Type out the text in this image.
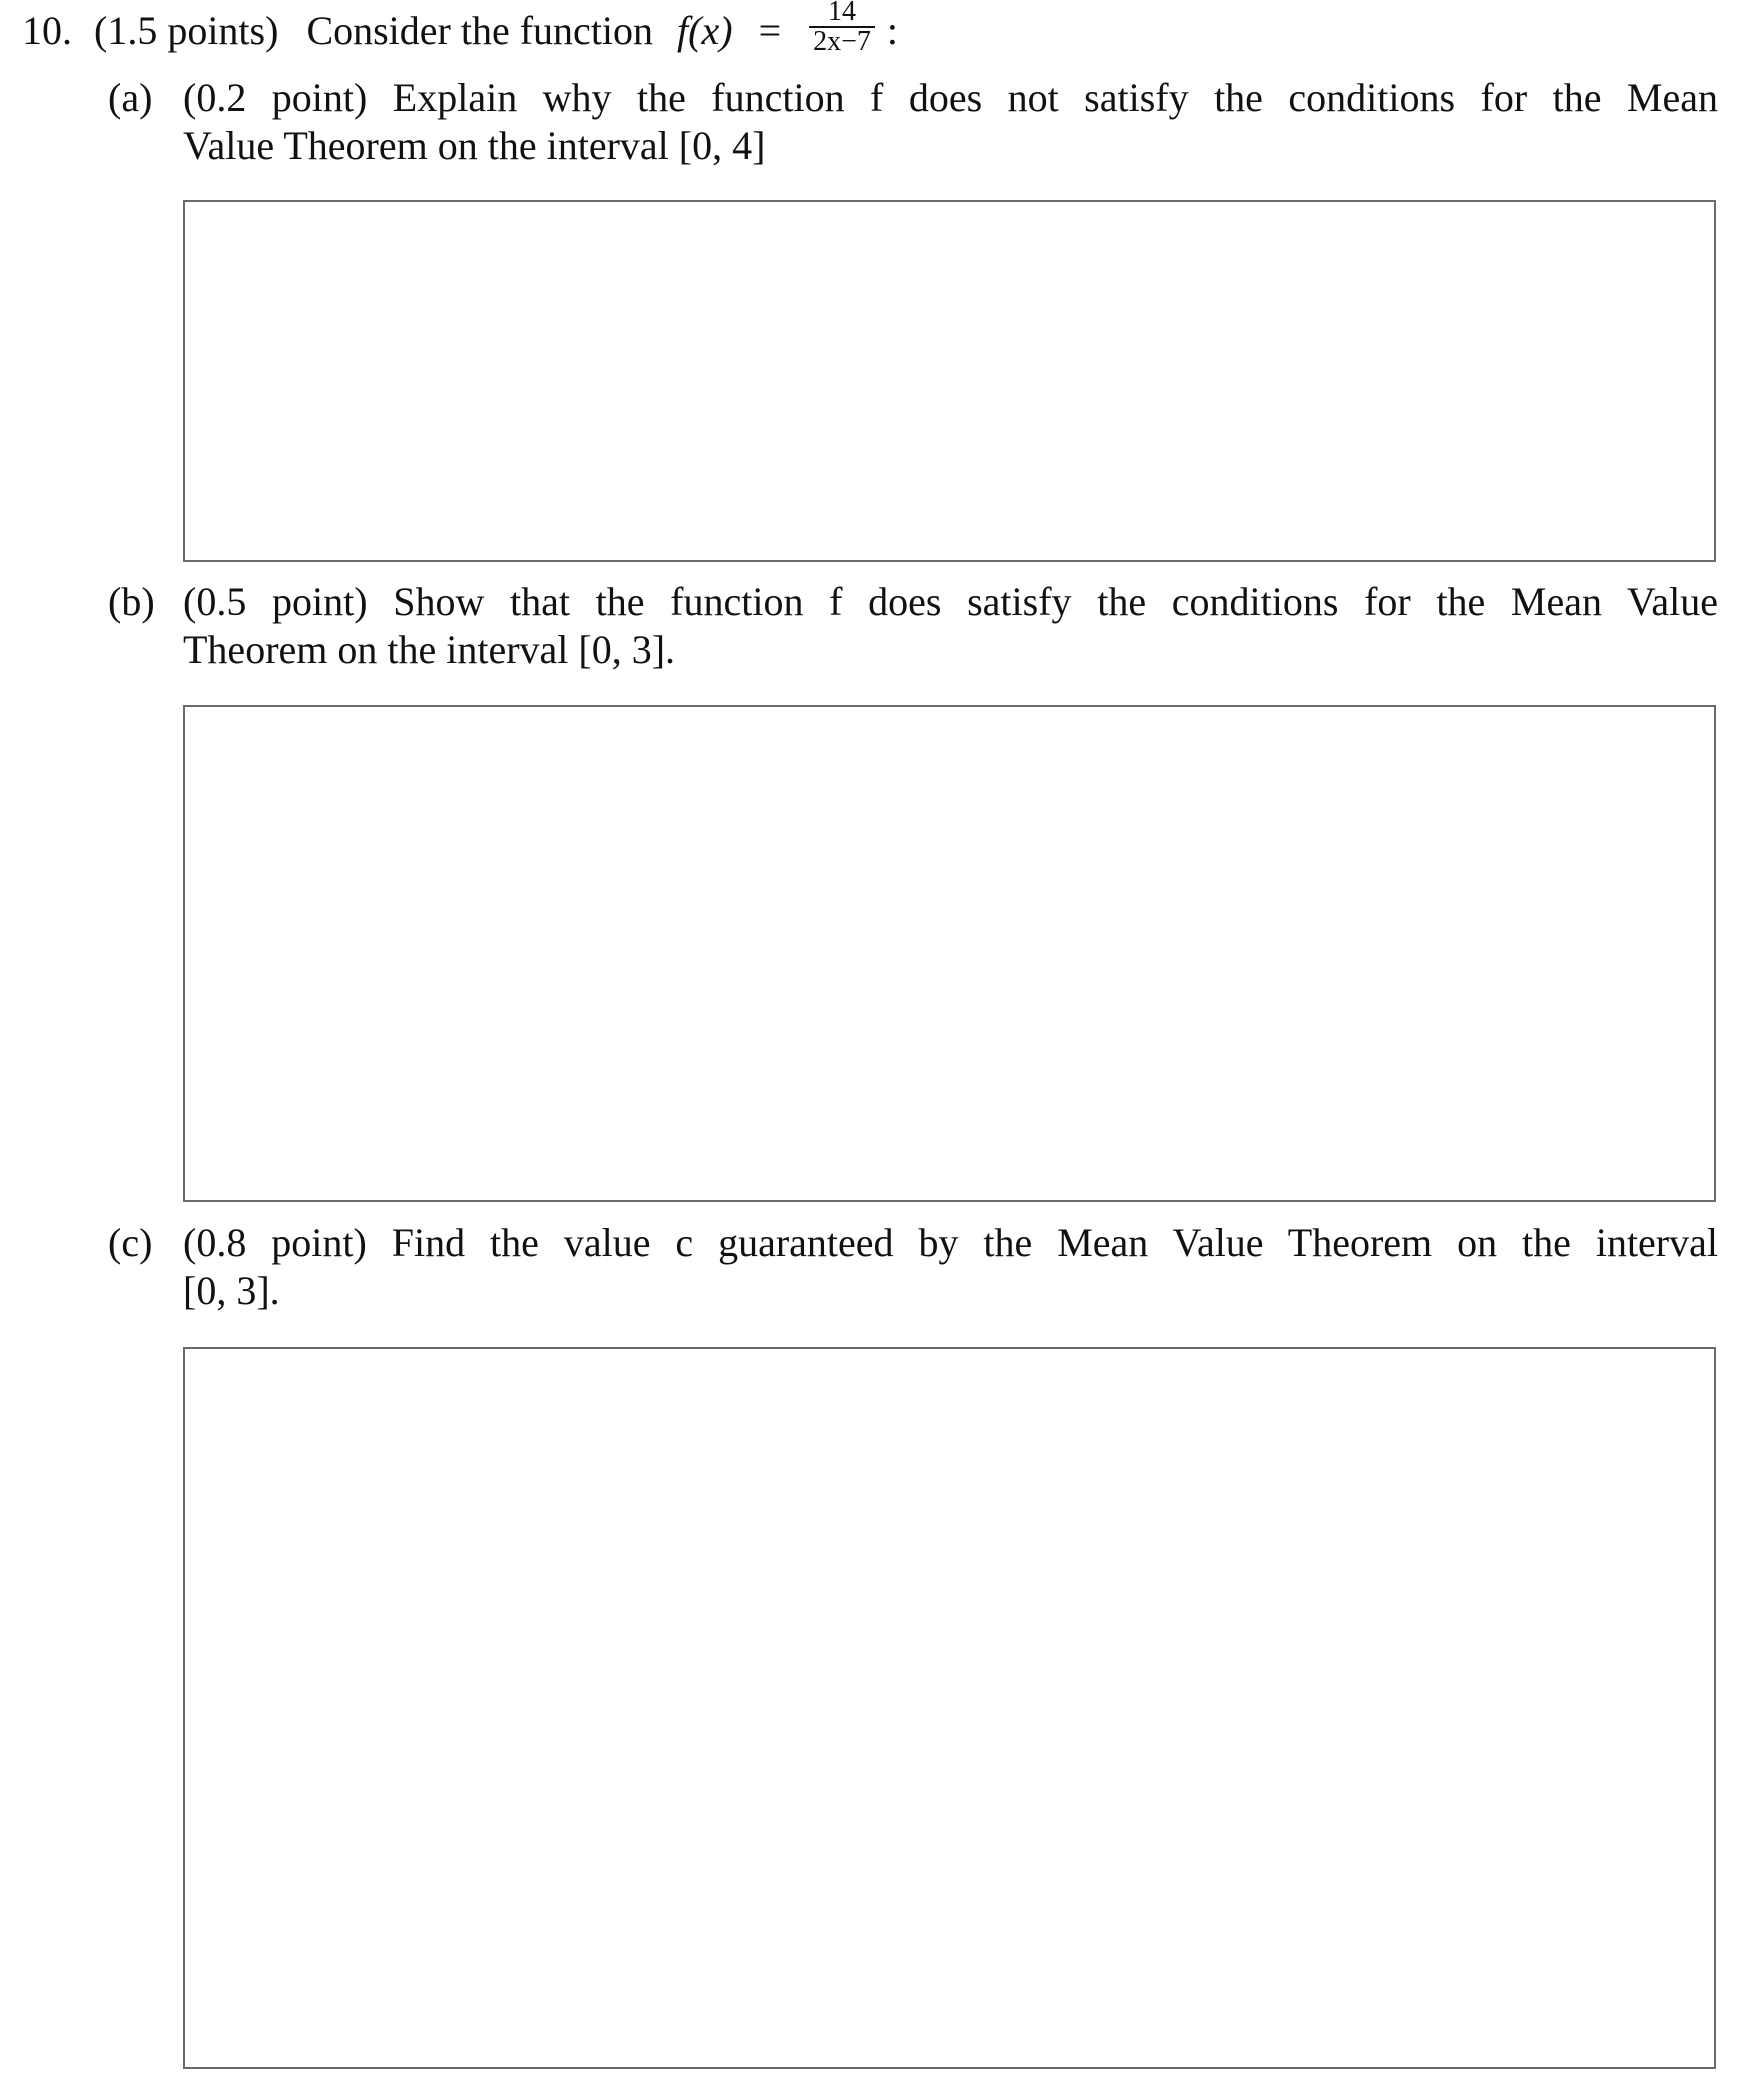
10. (1.5 points) Consider the function $f(x) = \frac{14}{2x-7}$ :
(a) (0.2 point) Explain why the function f does not satisfy the conditions for the Mean
Value Theorem on the interval [0, 4]
(b) (0.5 point) Show that the function f does satisfy the conditions for the Mean Value
Theorem on the interval [0, 3].
(c) (0.8 point) Find the value c guaranteed by the Mean Value Theorem on the interval
[0, 3].
